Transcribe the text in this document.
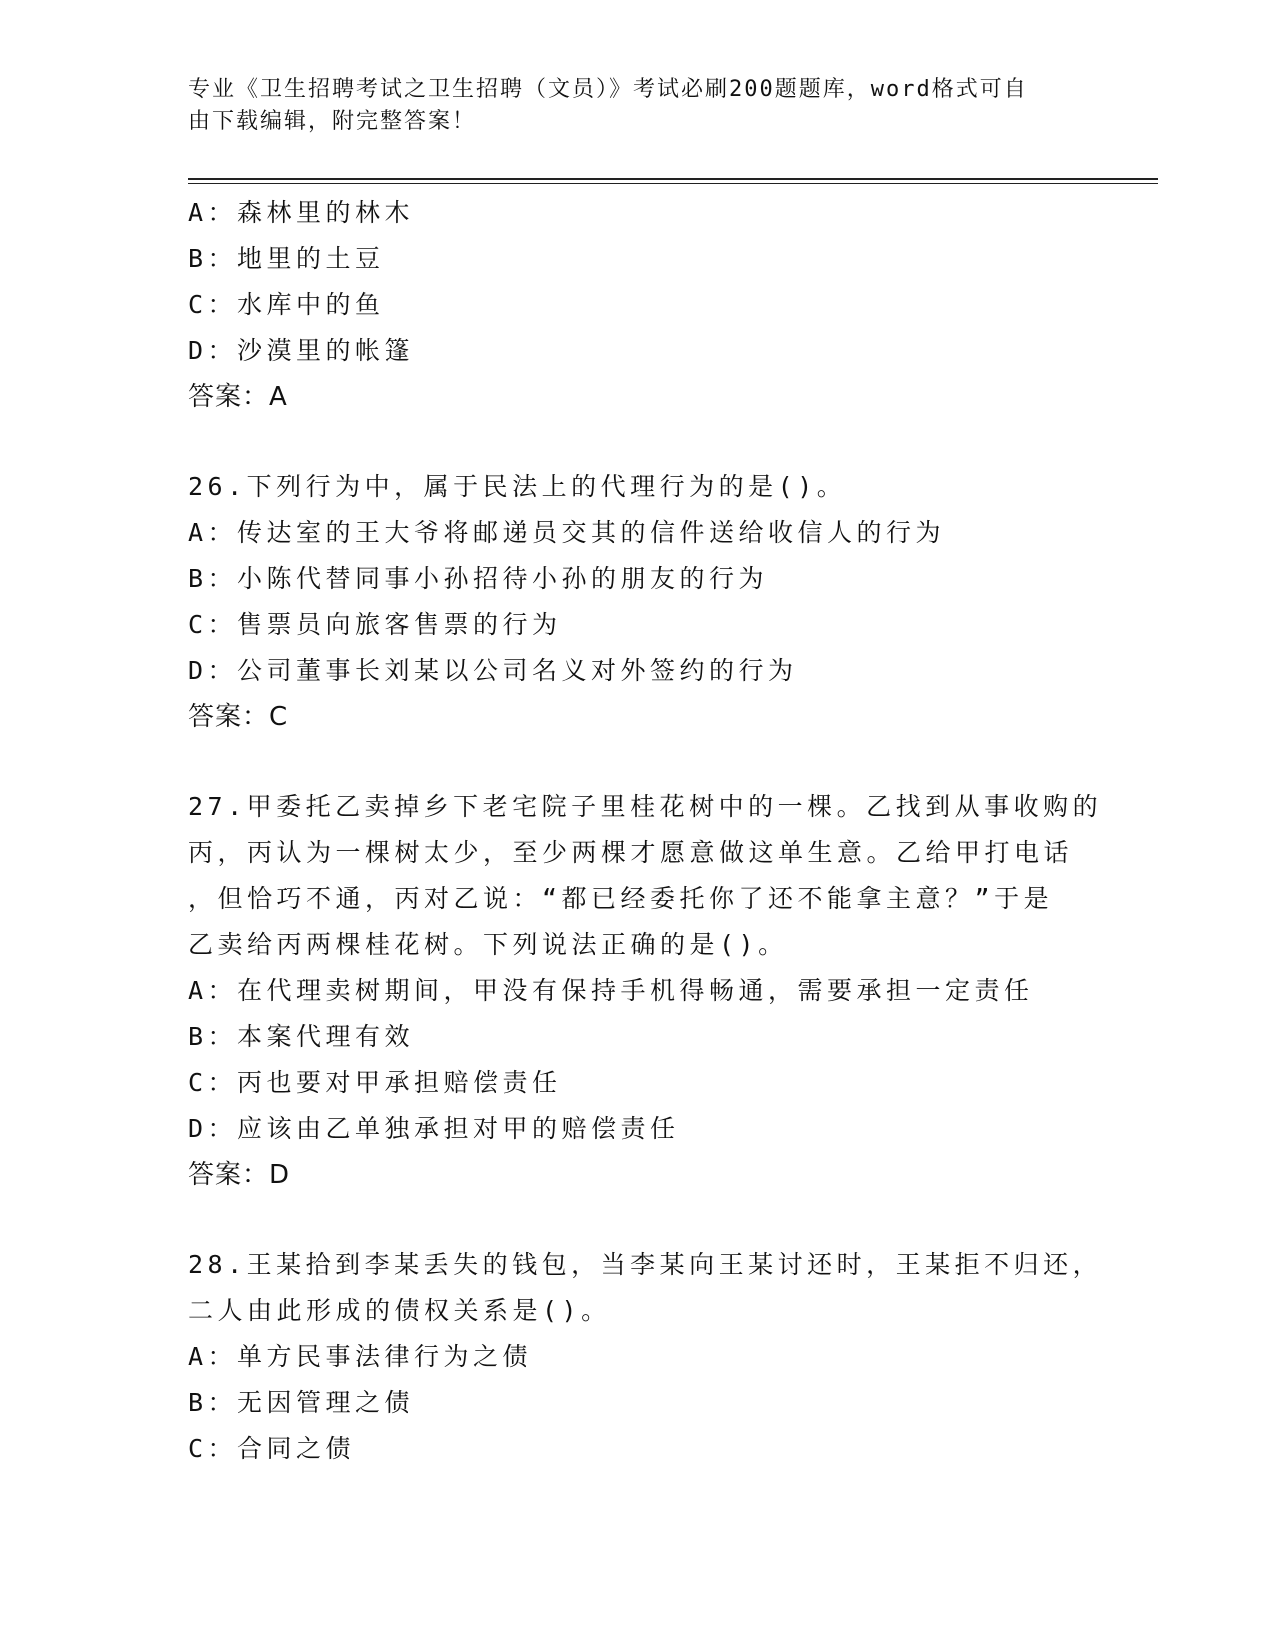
专业《卫生招聘考试之卫生招聘（文员）》考试必刷200题题库，word格式可自
由下载编辑，附完整答案！
A：森林里的林木
B：地里的土豆
C：水库中的鱼
D：沙漠里的帐篷
答案：A
26.下列行为中，属于民法上的代理行为的是()。
A：传达室的王大爷将邮递员交其的信件送给收信人的行为
B：小陈代替同事小孙招待小孙的朋友的行为
C：售票员向旅客售票的行为
D：公司董事长刘某以公司名义对外签约的行为
答案：C
27.甲委托乙卖掉乡下老宅院子里桂花树中的一棵。乙找到从事收购的
丙，丙认为一棵树太少，至少两棵才愿意做这单生意。乙给甲打电话
，但恰巧不通，丙对乙说：“都已经委托你了还不能拿主意？”于是
乙卖给丙两棵桂花树。下列说法正确的是()。
A：在代理卖树期间，甲没有保持手机得畅通，需要承担一定责任
B：本案代理有效
C：丙也要对甲承担赔偿责任
D：应该由乙单独承担对甲的赔偿责任
答案：D
28.王某拾到李某丢失的钱包，当李某向王某讨还时，王某拒不归还，
二人由此形成的债权关系是()。
A：单方民事法律行为之债
B：无因管理之债
C：合同之债
